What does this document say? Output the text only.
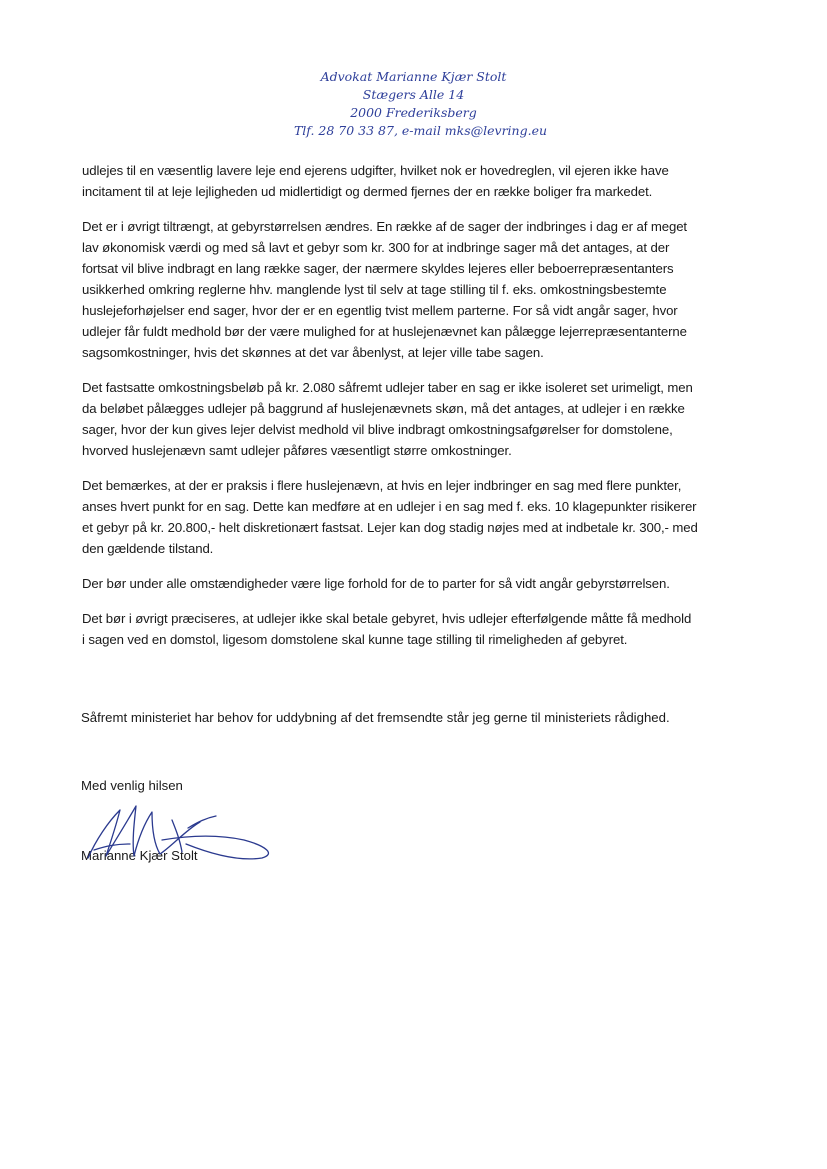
Advokat Marianne Kjær Stolt
Stægers Alle 14
2000 Frederiksberg
Tlf. 28 70 33 87, e-mail mks@levring.eu
udlejes til en væsentlig lavere leje end ejerens udgifter, hvilket nok er hovedreglen, vil ejeren ikke have
incitament til at leje lejligheden ud midlertidigt og dermed fjernes der en række boliger fra markedet.
Det er i øvrigt tiltrængt, at gebyrstørrelsen ændres. En række af de sager der indbringes i dag er af meget
lav økonomisk værdi og med så lavt et gebyr som kr. 300 for at indbringe sager må det antages, at der
fortsat vil blive indbragt en lang række sager, der nærmere skyldes lejeres eller beboerrepræsentanters
usikkerhed omkring reglerne hhv. manglende lyst til selv at tage stilling til f. eks. omkostningsbestemte
huslejeforhøjelser end sager, hvor der er en egentlig tvist mellem parterne. For så vidt angår sager, hvor
udlejer får fuldt medhold bør der være mulighed for at huslejenævnet kan pålægge lejerrepræsentanterne
sagsomkostninger, hvis det skønnes at det var åbenlyst, at lejer ville tabe sagen.
Det fastsatte omkostningsbeløb på kr. 2.080 såfremt udlejer taber en sag er ikke isoleret set urimeligt, men
da beløbet pålægges udlejer på baggrund af huslejenævnets skøn, må det antages, at udlejer i en række
sager, hvor der kun gives lejer delvist medhold vil blive indbragt omkostningsafgørelser for domstolene,
hvorved huslejenævn samt udlejer påføres væsentligt større omkostninger.
Det bemærkes, at der er praksis i flere huslejenævn, at hvis en lejer indbringer en sag med flere punkter,
anses hvert punkt for en sag. Dette kan medføre at en udlejer i en sag med f. eks. 10 klagepunkter risikerer
et gebyr på kr. 20.800,- helt diskretionært fastsat. Lejer kan dog stadig nøjes med at indbetale kr. 300,- med
den gældende tilstand.
Der bør under alle omstændigheder være lige forhold for de to parter for så vidt angår gebyrstørrelsen.
Det bør i øvrigt præciseres, at udlejer ikke skal betale gebyret, hvis udlejer efterfølgende måtte få medhold
i sagen ved en domstol, ligesom domstolene skal kunne tage stilling til rimeligheden af gebyret.
Såfremt ministeriet har behov for uddybning af det fremsendte står jeg gerne til ministeriets rådighed.
Med venlig hilsen
Marianne Kjær Stolt
